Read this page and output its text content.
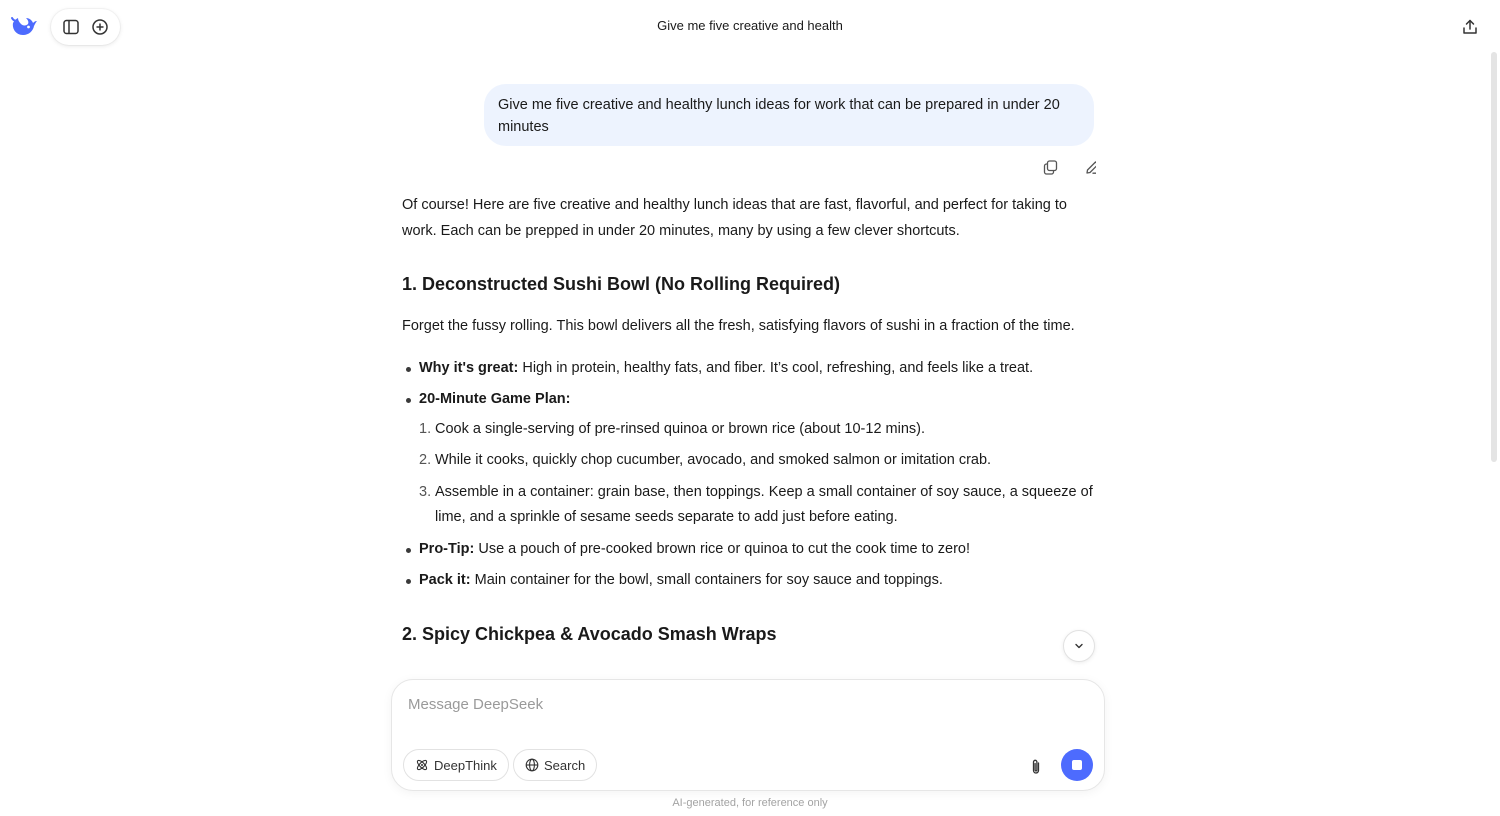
Give me five creative and health
Give me five creative and healthy lunch ideas for work that can be prepared in under 20 minutes

Of course! Here are five creative and healthy lunch ideas that are fast, flavorful, and perfect for taking to work. Each can be prepped in under 20 minutes, many by using a few clever shortcuts.

1. Deconstructed Sushi Bowl (No Rolling Required)

Forget the fussy rolling. This bowl delivers all the fresh, satisfying flavors of sushi in a fraction of the time.

Why it's great: High in protein, healthy fats, and fiber. It’s cool, refreshing, and feels like a treat.
20-Minute Game Plan:
1. Cook a single-serving of pre-rinsed quinoa or brown rice (about 10-12 mins).
2. While it cooks, quickly chop cucumber, avocado, and smoked salmon or imitation crab.
3. Assemble in a container: grain base, then toppings. Keep a small container of soy sauce, a squeeze of lime, and a sprinkle of sesame seeds separate to add just before eating.
Pro-Tip: Use a pouch of pre-cooked brown rice or quinoa to cut the cook time to zero!
Pack it: Main container for the bowl, small containers for soy sauce and toppings.
2. Spicy Chickpea & Avocado Smash Wraps
Message DeepSeek
DeepThink	Search
AI-generated, for reference only
